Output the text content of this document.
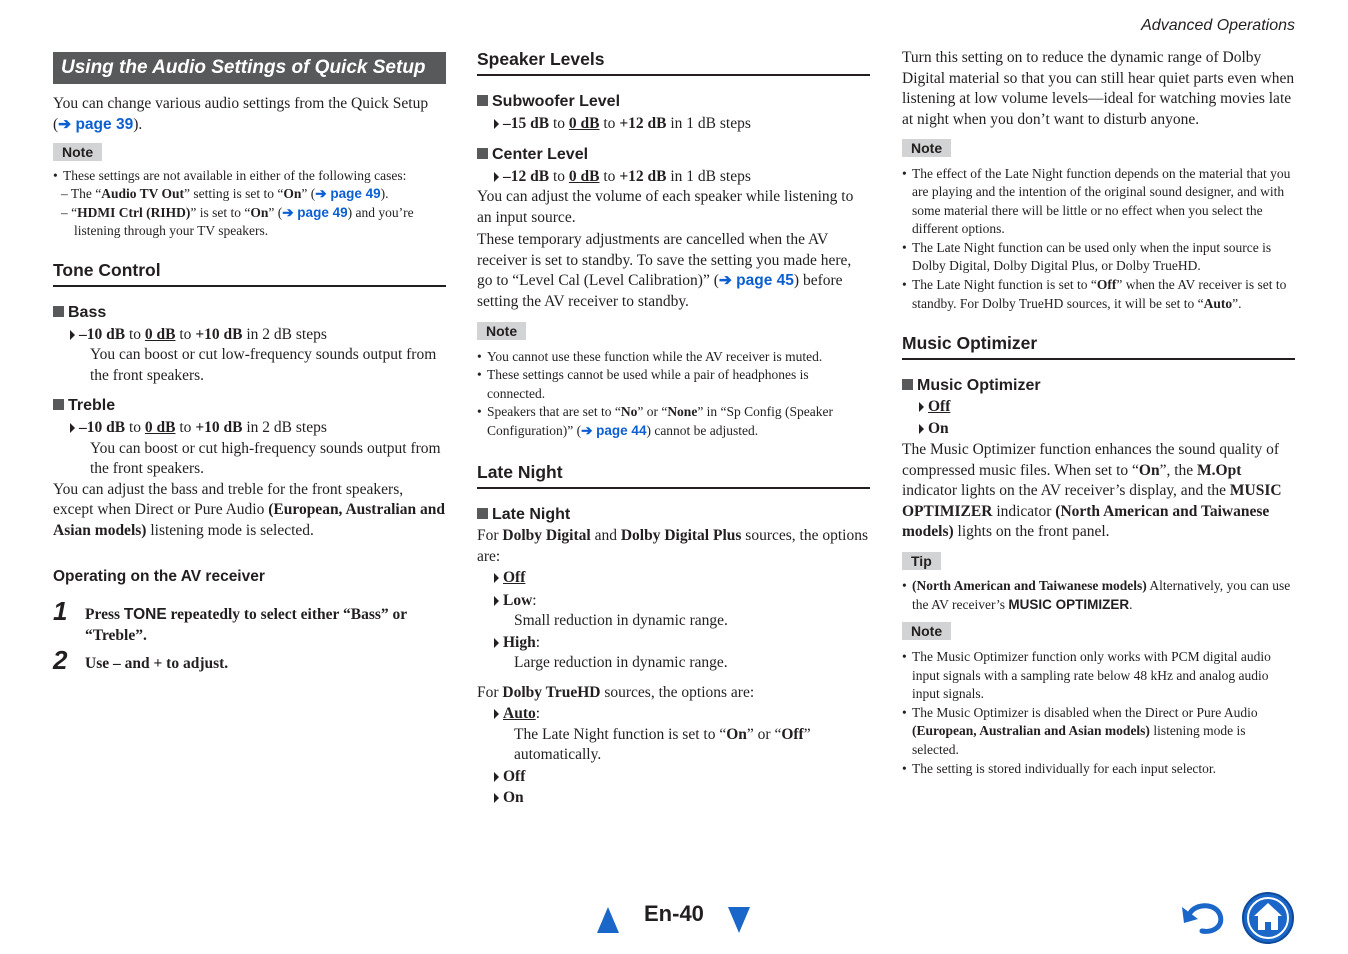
Advanced Operations
Using the Audio Settings of Quick Setup
You can change various audio settings from the Quick Setup (➔ page 39).
Note
• These settings are not available in either of the following cases:
– The “Audio TV Out” setting is set to “On” (➔ page 49).
– “HDMI Ctrl (RIHD)” is set to “On” (➔ page 49) and you’re
listening through your TV speakers.
Tone Control
Bass
–10 dB to 0 dB to +10 dB in 2 dB steps
You can boost or cut low-frequency sounds output from the front speakers.
Treble
–10 dB to 0 dB to +10 dB in 2 dB steps
You can boost or cut high-frequency sounds output from the front speakers.
You can adjust the bass and treble for the front speakers, except when Direct or Pure Audio (European, Australian and Asian models) listening mode is selected.
Operating on the AV receiver
1 Press TONE repeatedly to select either “Bass” or “Treble”.
2 Use – and + to adjust.
Speaker Levels
Subwoofer Level
–15 dB to 0 dB to +12 dB in 1 dB steps
Center Level
–12 dB to 0 dB to +12 dB in 1 dB steps
You can adjust the volume of each speaker while listening to an input source.
These temporary adjustments are cancelled when the AV receiver is set to standby. To save the setting you made here, go to “Level Cal (Level Calibration)” (➔ page 45) before setting the AV receiver to standby.
Note
• You cannot use these function while the AV receiver is muted.
• These settings cannot be used while a pair of headphones is connected.
• Speakers that are set to “No” or “None” in “Sp Config (Speaker Configuration)” (➔ page 44) cannot be adjusted.
Late Night
Late Night
For Dolby Digital and Dolby Digital Plus sources, the options are:
Off
Low:
Small reduction in dynamic range.
High:
Large reduction in dynamic range.
For Dolby TrueHD sources, the options are:
Auto:
The Late Night function is set to “On” or “Off” automatically.
Off
On
Turn this setting on to reduce the dynamic range of Dolby Digital material so that you can still hear quiet parts even when listening at low volume levels—ideal for watching movies late at night when you don’t want to disturb anyone.
Note
• The effect of the Late Night function depends on the material that you are playing and the intention of the original sound designer, and with some material there will be little or no effect when you select the different options.
• The Late Night function can be used only when the input source is Dolby Digital, Dolby Digital Plus, or Dolby TrueHD.
• The Late Night function is set to “Off” when the AV receiver is set to standby. For Dolby TrueHD sources, it will be set to “Auto”.
Music Optimizer
Music Optimizer
Off
On
The Music Optimizer function enhances the sound quality of compressed music files. When set to “On”, the M.Opt indicator lights on the AV receiver’s display, and the MUSIC OPTIMIZER indicator (North American and Taiwanese models) lights on the front panel.
Tip
• (North American and Taiwanese models) Alternatively, you can use the AV receiver’s MUSIC OPTIMIZER.
Note
• The Music Optimizer function only works with PCM digital audio input signals with a sampling rate below 48 kHz and analog audio input signals.
• The Music Optimizer is disabled when the Direct or Pure Audio (European, Australian and Asian models) listening mode is selected.
• The setting is stored individually for each input selector.
En-40
